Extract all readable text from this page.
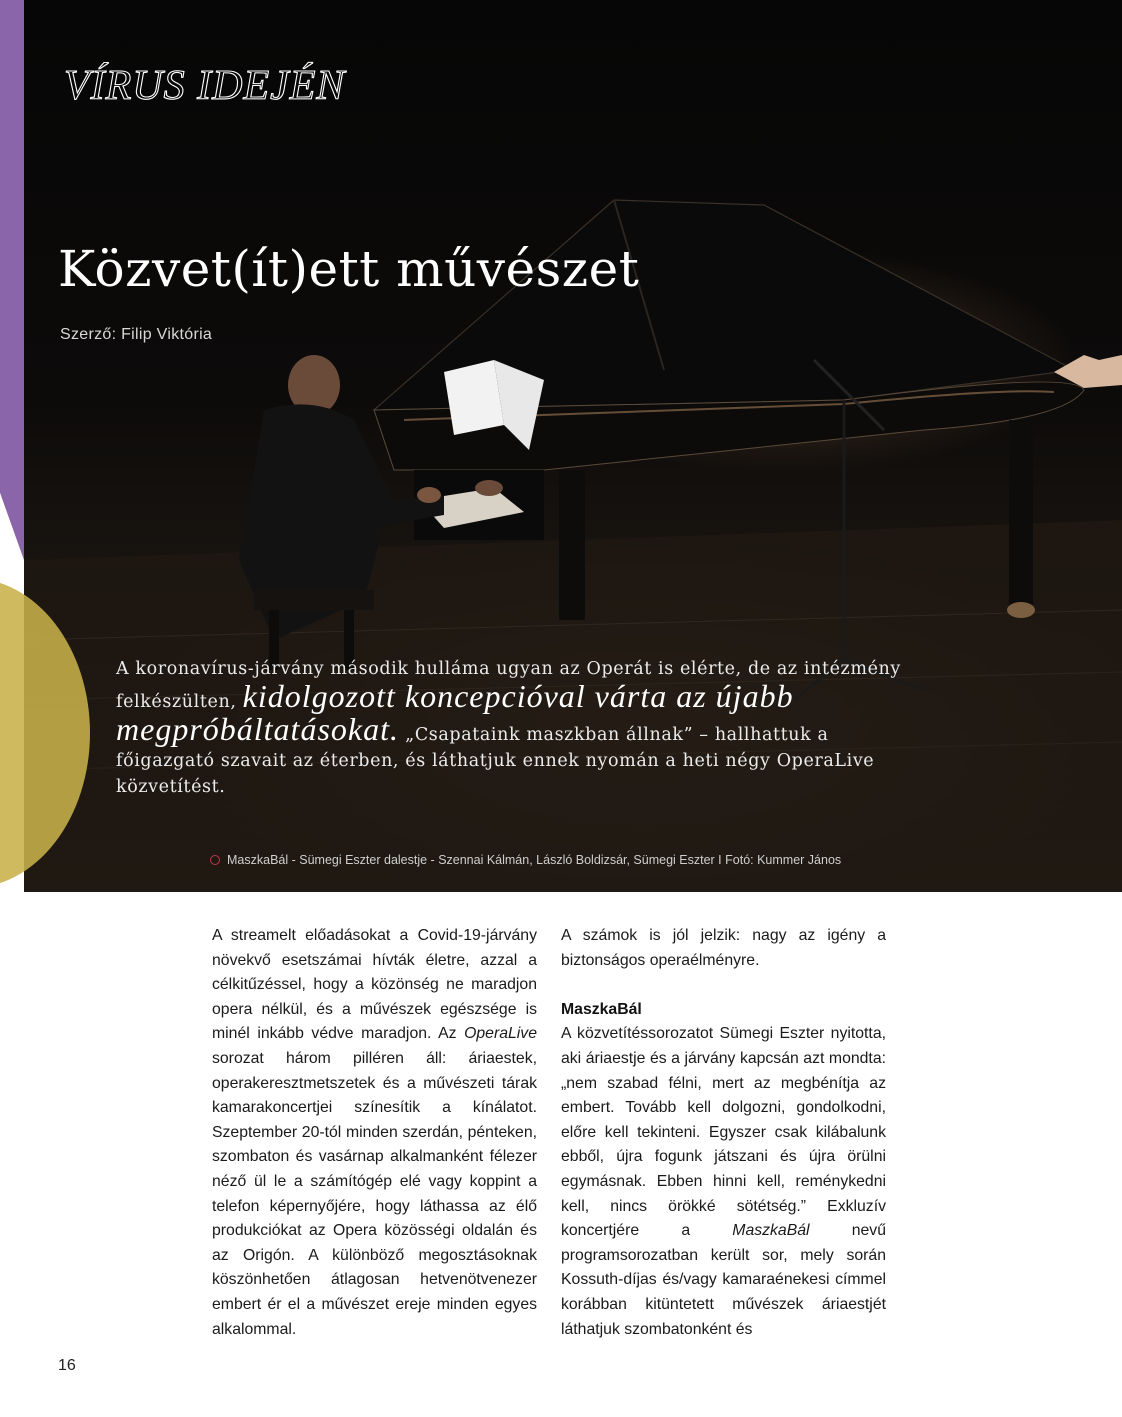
VÍRUS IDEJÉN
Közvet(ít)ett művészet
Szerző: Filip Viktória

A koronavírus-járvány második hulláma ugyan az Operát is elérte, de az intézmény felkészülten, kidolgozott koncepcióval várta az újabb megpróbáltatásokat. „Csapataink maszkban állnak” – hallhattuk a főigazgató szavait az éterben, és láthatjuk ennek nyomán a heti négy OperaLive közvetítést.

MaszkaBál - Sümegi Eszter dalestje - Szennai Kálmán, László Boldizsár, Sümegi Eszter I Fotó: Kummer János

A streamelt előadásokat a Covid-19-járvány növekvő esetszámai hívták életre, azzal a célkitűzéssel, hogy a közönség ne maradjon opera nélkül, és a művészek egészsége is minél inkább védve maradjon. Az OperaLive sorozat három pilléren áll: áriaestek, operakeresztmetszetek és a művészeti tárak kamarakoncertjei színesítik a kínálatot. Szeptember 20-tól minden szerdán, pénteken, szombaton és vasárnap alkalmanként félezer néző ül le a számítógép elé vagy koppint a telefon képernyőjére, hogy láthassa az élő produkciókat az Opera közösségi oldalán és az Origón. A különböző megosztásoknak köszönhetően átlagosan hetvenötvenezer embert ér el a művészet ereje minden egyes alkalommal.

A számok is jól jelzik: nagy az igény a biztonságos operaélményre.

MaszkaBál

A közvetítéssorozatot Sümegi Eszter nyitotta, aki áriaestje és a járvány kapcsán azt mondta: „nem szabad félni, mert az megbénítja az embert. Tovább kell dolgozni, gondolkodni, előre kell tekinteni. Egyszer csak kilábalunk ebből, újra fogunk játszani és újra örülni egymásnak. Ebben hinni kell, reménykedni kell, nincs örökké sötétség.” Exkluzív koncertjére a MaszkaBál nevű programsorozatban került sor, mely során Kossuth-díjas és/vagy kamaraénekesi címmel korábban kitüntetett művészek áriaestjét láthatjuk szombatonként és

16
